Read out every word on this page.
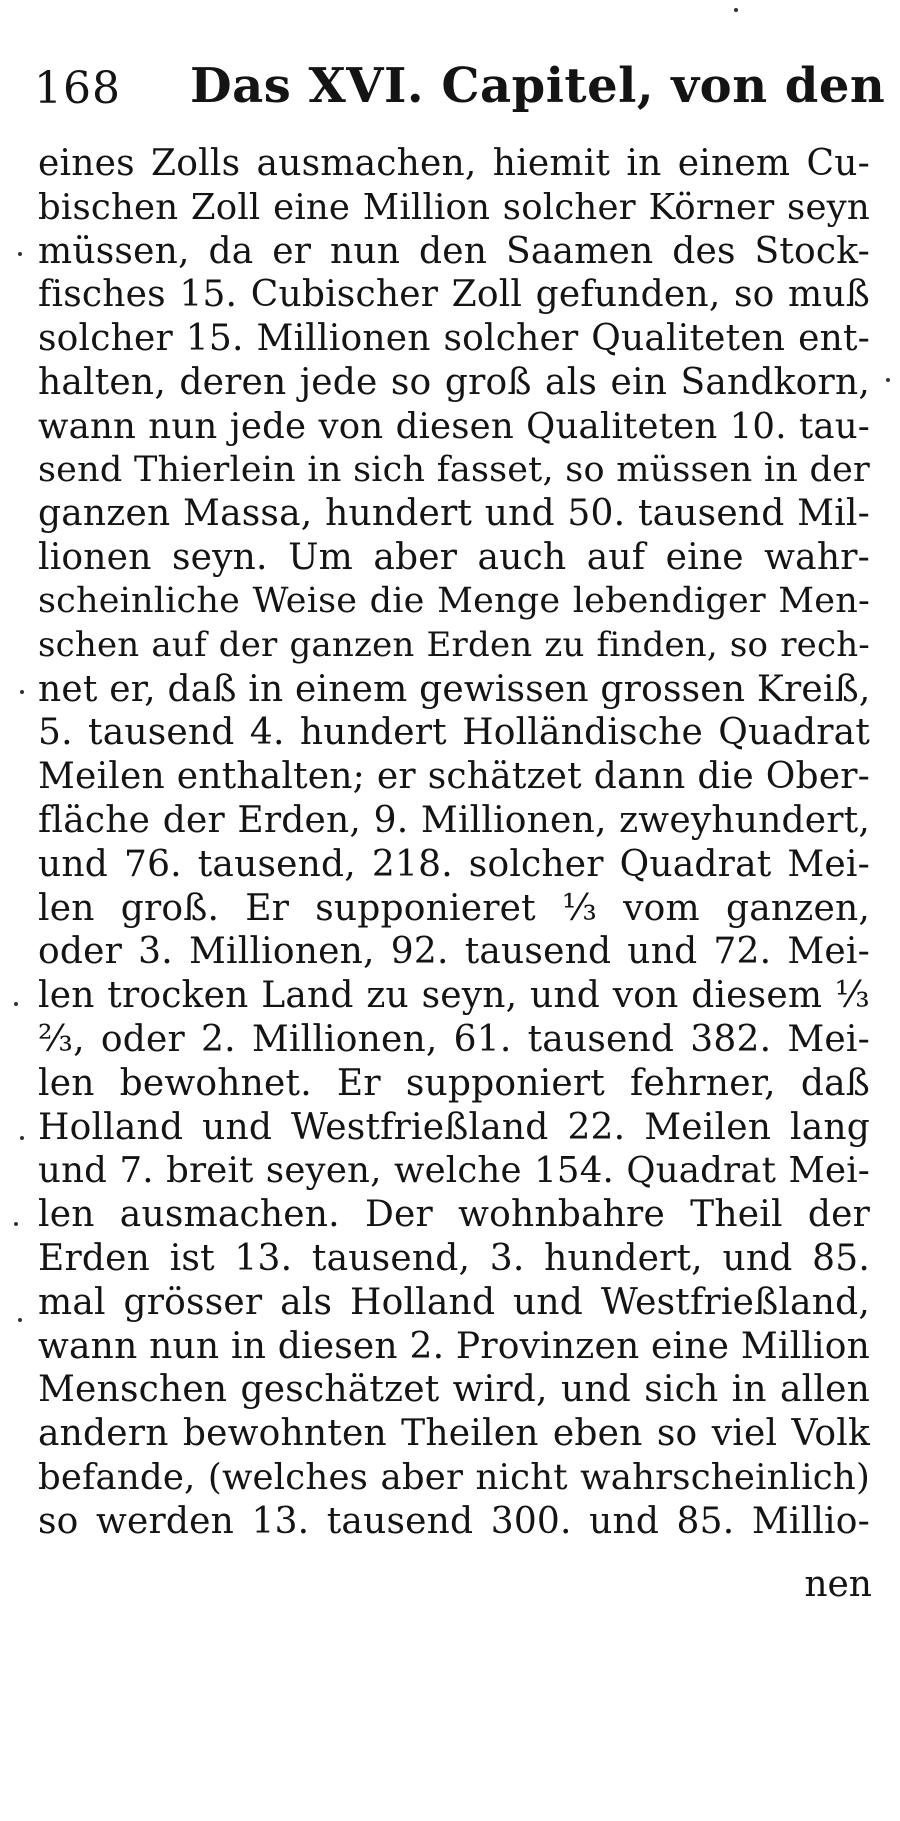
168 Das XVI. Capitel, von den
eines Zolls ausmachen, hiemit in einem Cu-
bischen Zoll eine Million solcher Körner seyn
müssen, da er nun den Saamen des Stock-
fisches 15. Cubischer Zoll gefunden, so muß
solcher 15. Millionen solcher Qualiteten ent-
halten, deren jede so groß als ein Sandkorn,
wann nun jede von diesen Qualiteten 10. tau-
send Thierlein in sich fasset, so müssen in der
ganzen Massa, hundert und 50. tausend Mil-
lionen seyn. Um aber auch auf eine wahr-
scheinliche Weise die Menge lebendiger Men-
schen auf der ganzen Erden zu finden, so rech-
net er, daß in einem gewissen grossen Kreiß,
5. tausend 4. hundert Holländische Quadrat
Meilen enthalten; er schätzet dann die Ober-
fläche der Erden, 9. Millionen, zweyhundert,
und 76. tausend, 218. solcher Quadrat Mei-
len groß. Er supponieret ⅓ vom ganzen,
oder 3. Millionen, 92. tausend und 72. Mei-
len trocken Land zu seyn, und von diesem ⅓
⅔, oder 2. Millionen, 61. tausend 382. Mei-
len bewohnet. Er supponiert fehrner, daß
Holland und Westfrießland 22. Meilen lang
und 7. breit seyen, welche 154. Quadrat Mei-
len ausmachen. Der wohnbahre Theil der
Erden ist 13. tausend, 3. hundert, und 85.
mal grösser als Holland und Westfrießland,
wann nun in diesen 2. Provinzen eine Million
Menschen geschätzet wird, und sich in allen
andern bewohnten Theilen eben so viel Volk
befande, (welches aber nicht wahrscheinlich)
so werden 13. tausend 300. und 85. Millio-
nen
